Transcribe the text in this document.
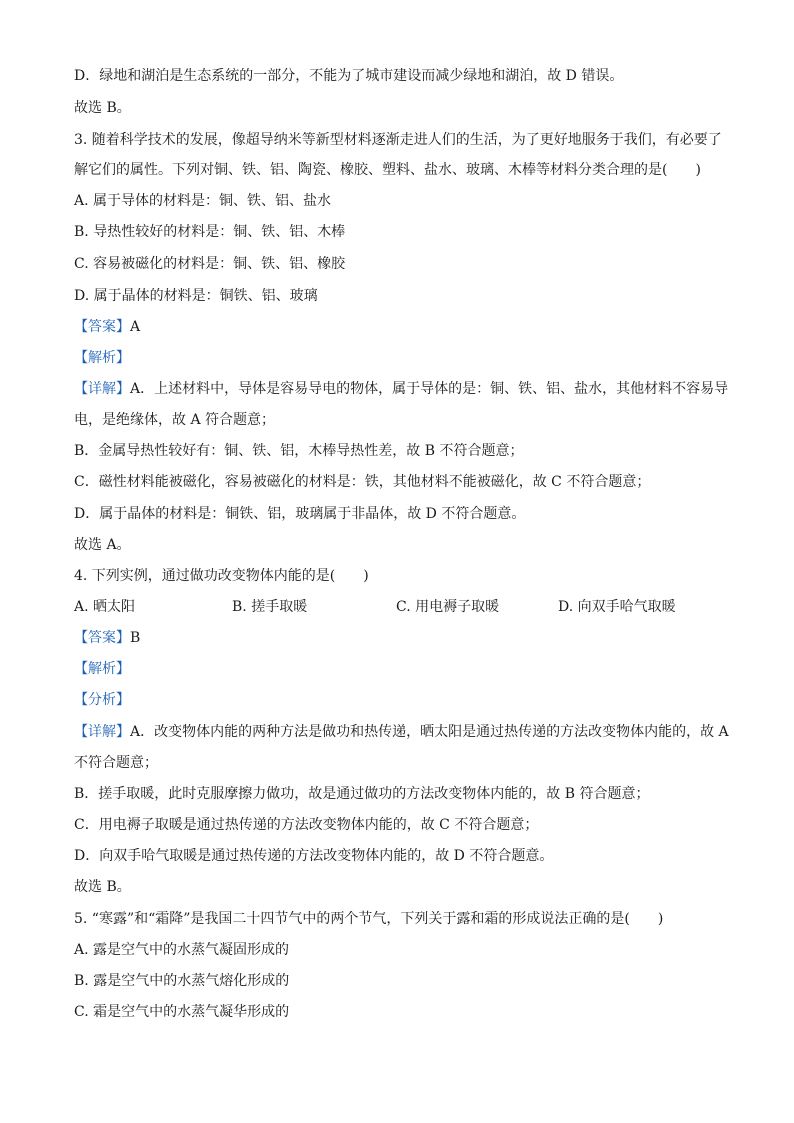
D．绿地和湖泊是生态系统的一部分，不能为了城市建设而减少绿地和湖泊，故 D 错误。
故选 B。
3. 随着科学技术的发展，像超导纳米等新型材料逐渐走进人们的生活，为了更好地服务于我们，有必要了
解它们的属性。下列对铜、铁、铝、陶瓷、橡胶、塑料、盐水、玻璃、木棒等材料分类合理的是(　　)
A. 属于导体的材料是：铜、铁、铝、盐水
B. 导热性较好的材料是：铜、铁、铝、木棒
C. 容易被磁化的材料是：铜、铁、铝、橡胶
D. 属于晶体的材料是：铜铁、铝、玻璃
【答案】A
【解析】
【详解】A．上述材料中，导体是容易导电的物体，属于导体的是：铜、铁、铝、盐水，其他材料不容易导
电，是绝缘体，故 A 符合题意；
B．金属导热性较好有：铜、铁、铝，木棒导热性差，故 B 不符合题意；
C．磁性材料能被磁化，容易被磁化的材料是：铁，其他材料不能被磁化，故 C 不符合题意；
D．属于晶体的材料是：铜铁、铝，玻璃属于非晶体，故 D 不符合题意。
故选 A。
4. 下列实例，通过做功改变物体内能的是(　　)
A. 晒太阳	B. 搓手取暖	C. 用电褥子取暖	D. 向双手哈气取暖
【答案】B
【解析】
【分析】
【详解】A．改变物体内能的两种方法是做功和热传递，晒太阳是通过热传递的方法改变物体内能的，故 A
不符合题意；
B．搓手取暖，此时克服摩擦力做功，故是通过做功的方法改变物体内能的，故 B 符合题意；
C．用电褥子取暖是通过热传递的方法改变物体内能的，故 C 不符合题意；
D．向双手哈气取暖是通过热传递的方法改变物体内能的，故 D 不符合题意。
故选 B。
5. “寒露”和“霜降”是我国二十四节气中的两个节气，下列关于露和霜的形成说法正确的是(　　)
A. 露是空气中的水蒸气凝固形成的
B. 露是空气中的水蒸气熔化形成的
C. 霜是空气中的水蒸气凝华形成的
